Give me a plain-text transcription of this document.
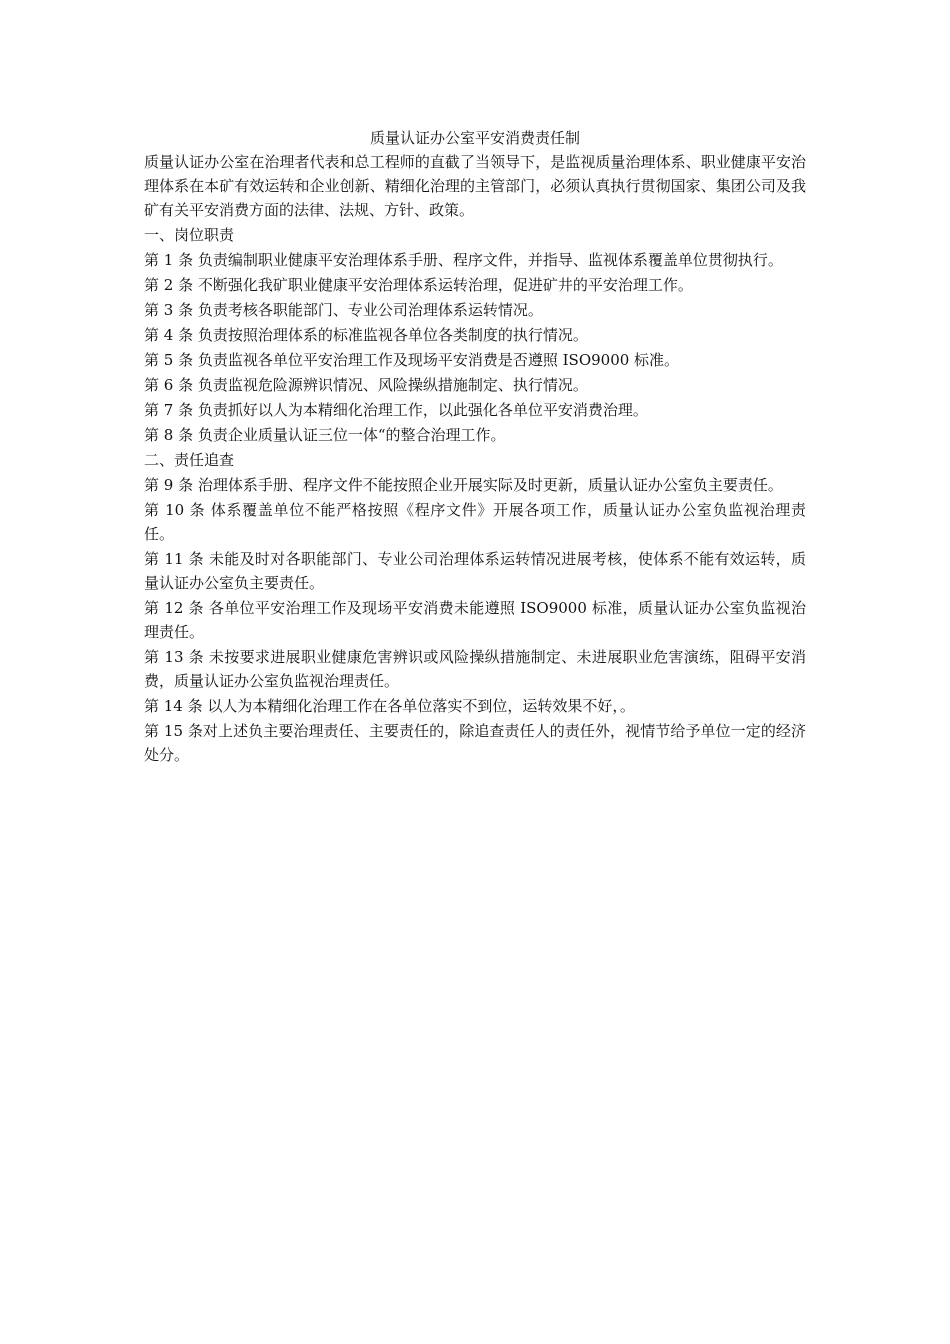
质量认证办公室平安消费责任制

质量认证办公室在治理者代表和总工程师的直截了当领导下，是监视质量治理体系、职业健康平安治理体系在本矿有效运转和企业创新、精细化治理的主管部门，必须认真执行贯彻国家、集团公司及我矿有关平安消费方面的法律、法规、方针、政策。

一、岗位职责

第 1 条 负责编制职业健康平安治理体系手册、程序文件，并指导、监视体系覆盖单位贯彻执行。

第 2 条 不断强化我矿职业健康平安治理体系运转治理，促进矿井的平安治理工作。

第 3 条 负责考核各职能部门、专业公司治理体系运转情况。

第 4 条 负责按照治理体系的标准监视各单位各类制度的执行情况。

第 5 条 负责监视各单位平安治理工作及现场平安消费是否遵照 ISO9000 标准。

第 6 条 负责监视危险源辨识情况、风险操纵措施制定、执行情况。

第 7 条 负责抓好以人为本精细化治理工作，以此强化各单位平安消费治理。

第 8 条 负责企业质量认证三位一体“的整合治理工作。

二、责任追查

第 9 条 治理体系手册、程序文件不能按照企业开展实际及时更新，质量认证办公室负主要责任。

第 10 条 体系覆盖单位不能严格按照《程序文件》开展各项工作，质量认证办公室负监视治理责任。

第 11 条 未能及时对各职能部门、专业公司治理体系运转情况进展考核，使体系不能有效运转，质量认证办公室负主要责任。

第 12 条 各单位平安治理工作及现场平安消费未能遵照 ISO9000 标准，质量认证办公室负监视治理责任。

第 13 条 未按要求进展职业健康危害辨识或风险操纵措施制定、未进展职业危害演练，阻碍平安消费，质量认证办公室负监视治理责任。

第 14 条 以人为本精细化治理工作在各单位落实不到位，运转效果不好，。

第 15 条对上述负主要治理责任、主要责任的，除追查责任人的责任外，视情节给予单位一定的经济处分。
